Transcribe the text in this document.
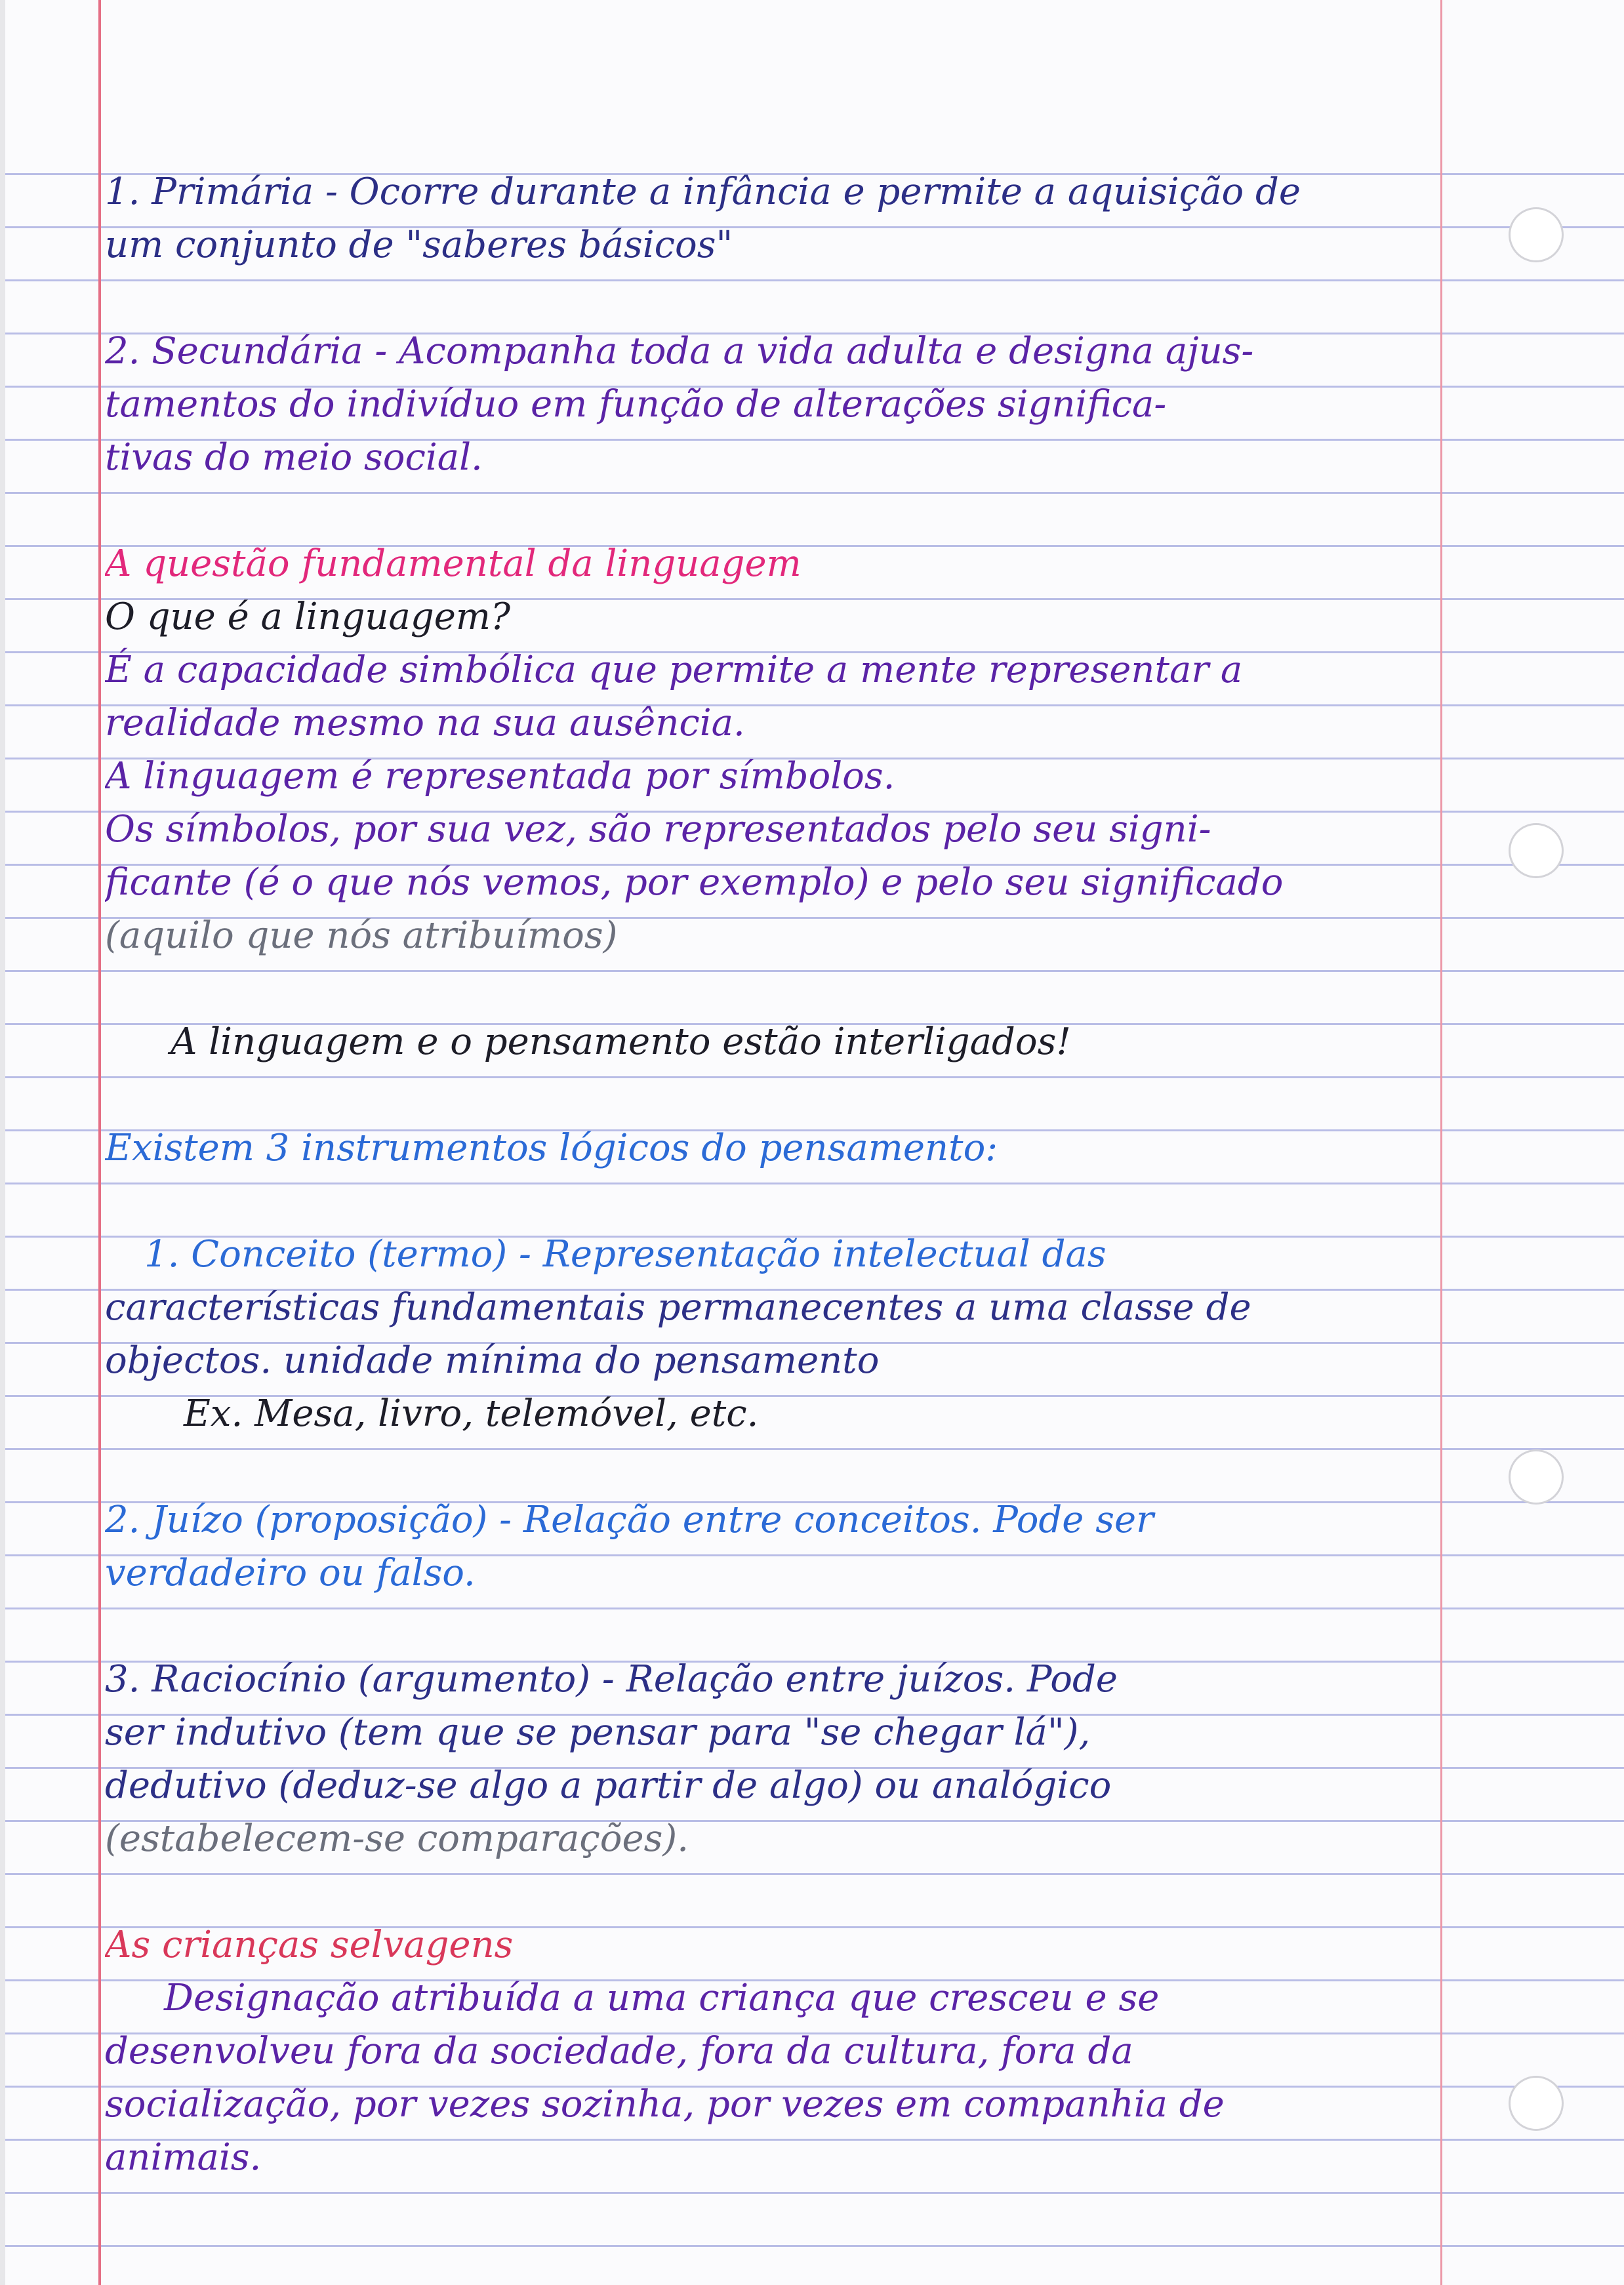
1. Primária - Ocorre durante a infância e permite a aquisição de
um conjunto de "saberes básicos"
2. Secundária - Acompanha toda a vida adulta e designa ajus-
tamentos do indivíduo em função de alterações significa-
tivas do meio social.
A questão fundamental da linguagem
O que é a linguagem?
É a capacidade simbólica que permite a mente representar a
realidade mesmo na sua ausência.
A linguagem é representada por símbolos.
Os símbolos, por sua vez, são representados pelo seu signi-
ficante (é o que nós vemos, por exemplo) e pelo seu significado
(aquilo que nós atribuímos)
A linguagem e o pensamento estão interligados!
Existem 3 instrumentos lógicos do pensamento:
1. Conceito (termo) - Representação intelectual das
características fundamentais permanecentes a uma classe de
objectos. unidade mínima do pensamento
Ex. Mesa, livro, telemóvel, etc.
2. Juízo (proposição) - Relação entre conceitos. Pode ser
verdadeiro ou falso.
3. Raciocínio (argumento) - Relação entre juízos. Pode
ser indutivo (tem que se pensar para "se chegar lá"),
dedutivo (deduz-se algo a partir de algo) ou analógico
(estabelecem-se comparações).
As crianças selvagens
Designação atribuída a uma criança que cresceu e se
desenvolveu fora da sociedade, fora da cultura, fora da
socialização, por vezes sozinha, por vezes em companhia de
animais.
